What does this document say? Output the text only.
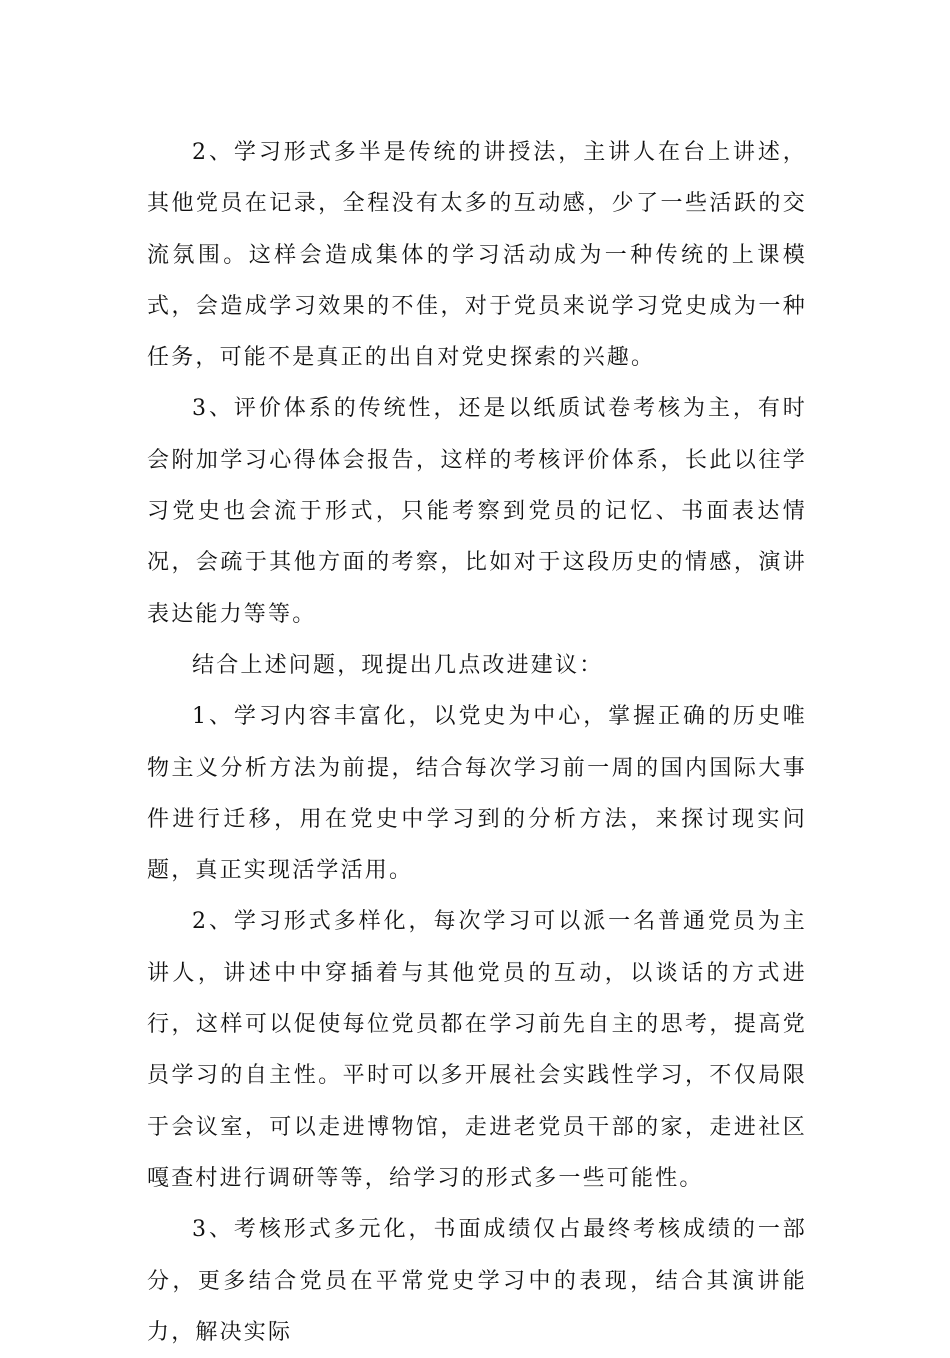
2、学习形式多半是传统的讲授法，主讲人在台上讲述，其他党员在记录，全程没有太多的互动感，少了一些活跃的交流氛围。这样会造成集体的学习活动成为一种传统的上课模式，会造成学习效果的不佳，对于党员来说学习党史成为一种任务，可能不是真正的出自对党史探索的兴趣。

3、评价体系的传统性，还是以纸质试卷考核为主，有时会附加学习心得体会报告，这样的考核评价体系，长此以往学习党史也会流于形式，只能考察到党员的记忆、书面表达情况，会疏于其他方面的考察，比如对于这段历史的情感，演讲表达能力等等。

结合上述问题，现提出几点改进建议：

1、学习内容丰富化，以党史为中心，掌握正确的历史唯物主义分析方法为前提，结合每次学习前一周的国内国际大事件进行迁移，用在党史中学习到的分析方法，来探讨现实问题，真正实现活学活用。

2、学习形式多样化，每次学习可以派一名普通党员为主讲人，讲述中中穿插着与其他党员的互动，以谈话的方式进行，这样可以促使每位党员都在学习前先自主的思考，提高党员学习的自主性。平时可以多开展社会实践性学习，不仅局限于会议室，可以走进博物馆，走进老党员干部的家，走进社区嘎查村进行调研等等，给学习的形式多一些可能性。

3、考核形式多元化，书面成绩仅占最终考核成绩的一部分，更多结合党员在平常党史学习中的表现，结合其演讲能力，解决实际
